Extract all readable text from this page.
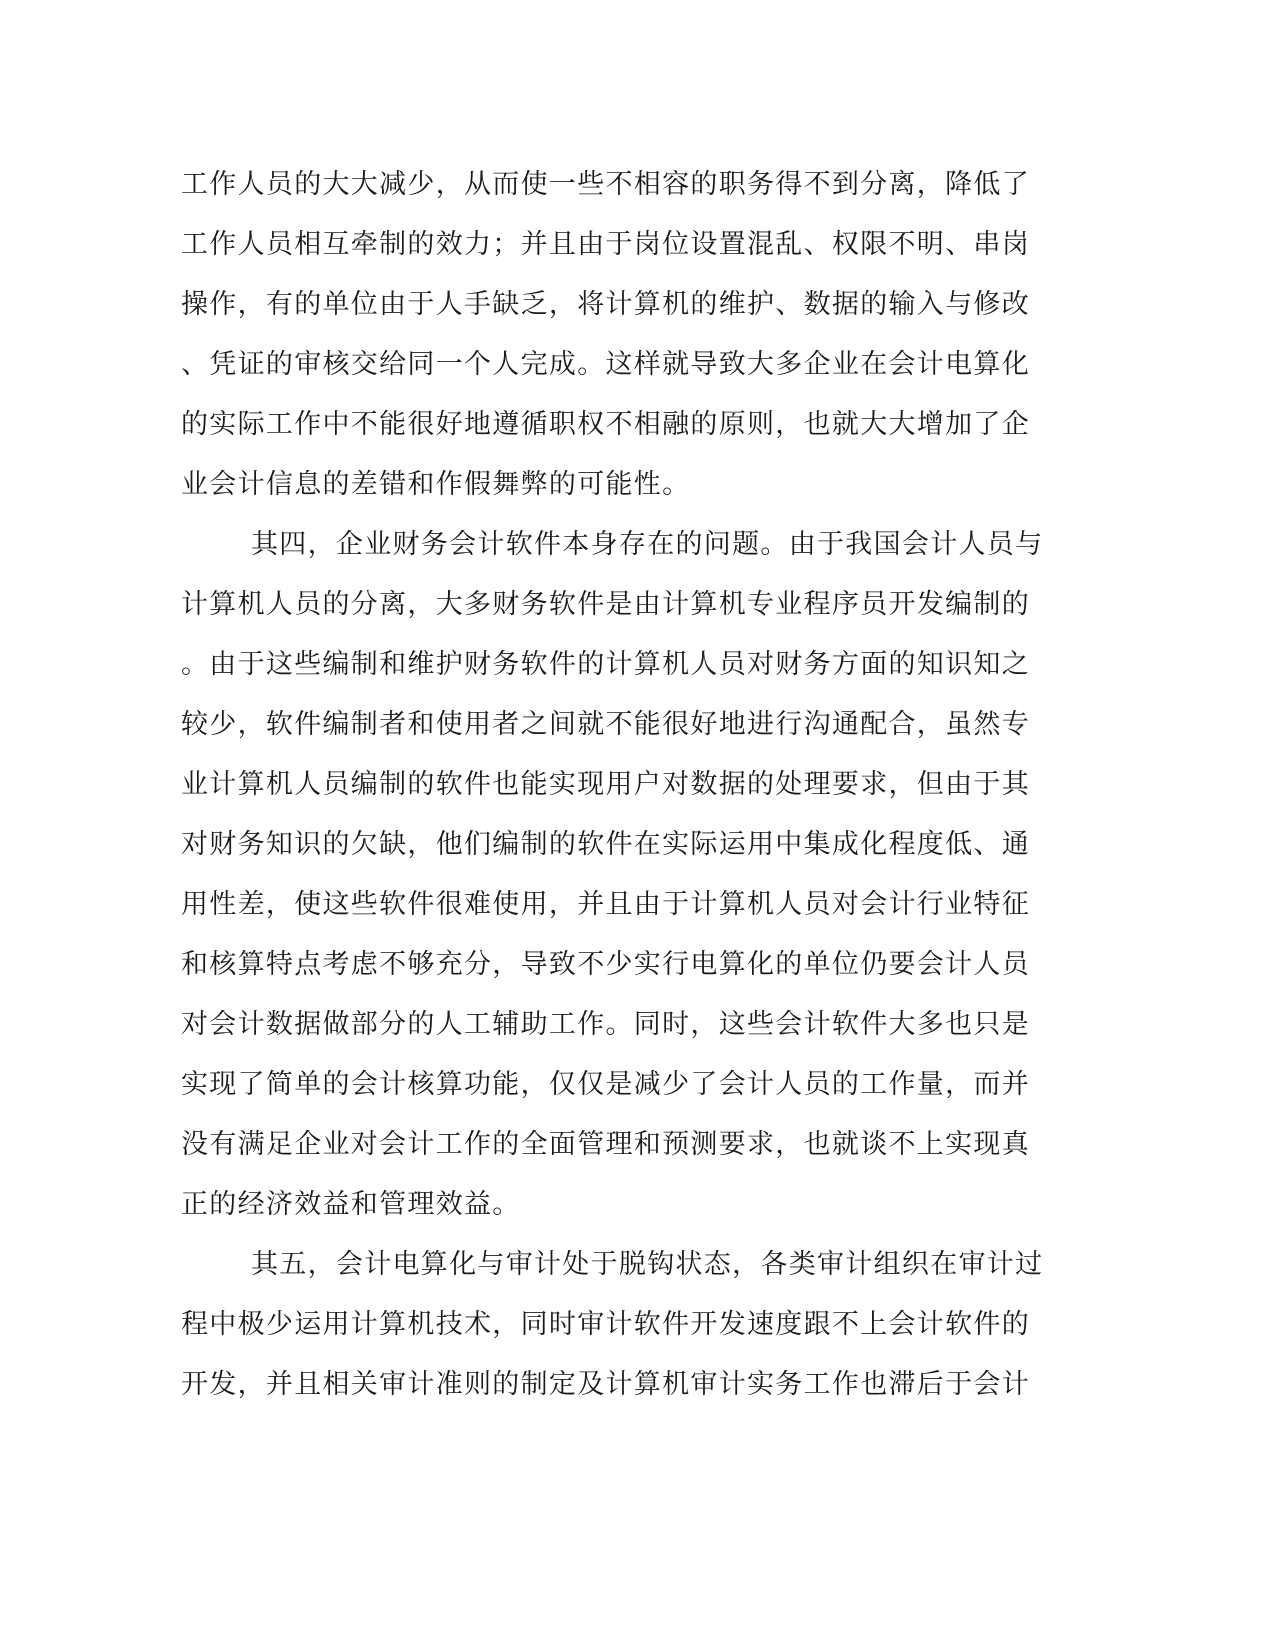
工作人员的大大减少，从而使一些不相容的职务得不到分离，降低了
工作人员相互牵制的效力；并且由于岗位设置混乱、权限不明、串岗
操作，有的单位由于人手缺乏，将计算机的维护、数据的输入与修改
、凭证的审核交给同一个人完成。这样就导致大多企业在会计电算化
的实际工作中不能很好地遵循职权不相融的原则，也就大大增加了企
业会计信息的差错和作假舞弊的可能性。
其四，企业财务会计软件本身存在的问题。由于我国会计人员与
计算机人员的分离，大多财务软件是由计算机专业程序员开发编制的
。由于这些编制和维护财务软件的计算机人员对财务方面的知识知之
较少，软件编制者和使用者之间就不能很好地进行沟通配合，虽然专
业计算机人员编制的软件也能实现用户对数据的处理要求，但由于其
对财务知识的欠缺，他们编制的软件在实际运用中集成化程度低、通
用性差，使这些软件很难使用，并且由于计算机人员对会计行业特征
和核算特点考虑不够充分，导致不少实行电算化的单位仍要会计人员
对会计数据做部分的人工辅助工作。同时，这些会计软件大多也只是
实现了简单的会计核算功能，仅仅是减少了会计人员的工作量，而并
没有满足企业对会计工作的全面管理和预测要求，也就谈不上实现真
正的经济效益和管理效益。
其五，会计电算化与审计处于脱钩状态，各类审计组织在审计过
程中极少运用计算机技术，同时审计软件开发速度跟不上会计软件的
开发，并且相关审计准则的制定及计算机审计实务工作也滞后于会计
